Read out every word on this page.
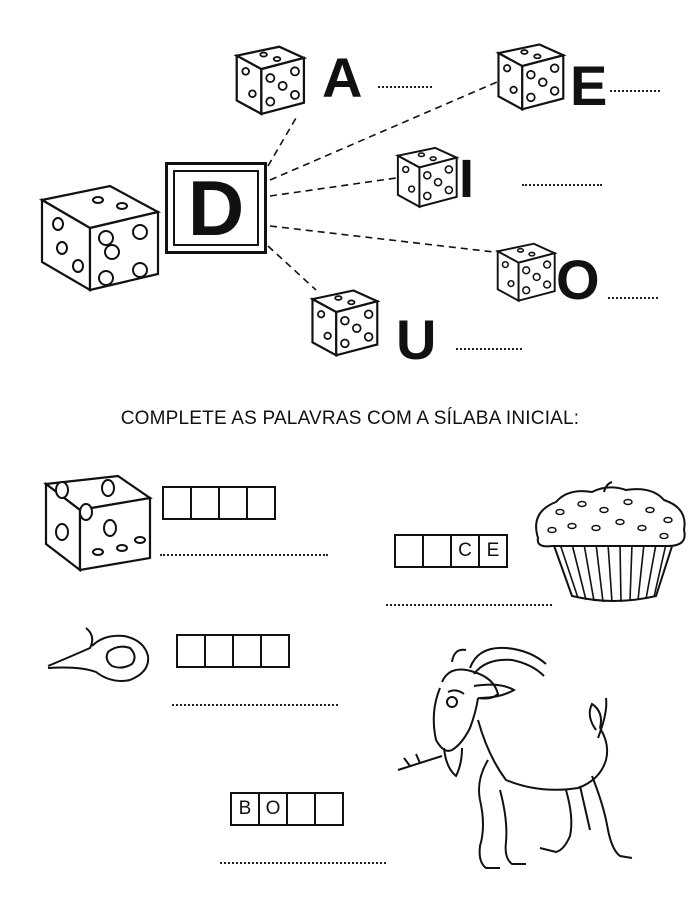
D
A	E
I
O
U
COMPLETE AS PALAVRAS COM A SÍLABA INICIAL:
C E
B O
